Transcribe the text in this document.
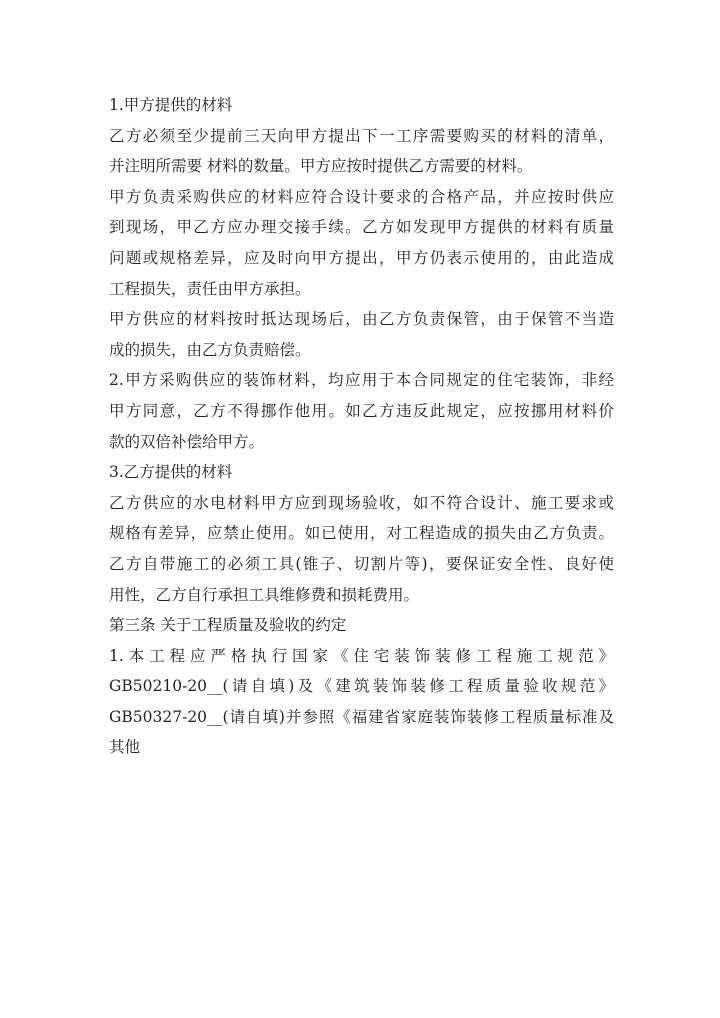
1.甲方提供的材料

乙方必须至少提前三天向甲方提出下一工序需要购买的材料的清单，

并注明所需要 材料的数量。甲方应按时提供乙方需要的材料。

甲方负责采购供应的材料应符合设计要求的合格产品，并应按时供应

到现场，甲乙方应办理交接手续。乙方如发现甲方提供的材料有质量

问题或规格差异，应及时向甲方提出，甲方仍表示使用的，由此造成

工程损失，责任由甲方承担。

甲方供应的材料按时抵达现场后，由乙方负责保管，由于保管不当造

成的损失，由乙方负责赔偿。

2.甲方采购供应的装饰材料，均应用于本合同规定的住宅装饰，非经

甲方同意，乙方不得挪作他用。如乙方违反此规定，应按挪用材料价

款的双倍补偿给甲方。

3.乙方提供的材料

乙方供应的水电材料甲方应到现场验收，如不符合设计、施工要求或

规格有差异，应禁止使用。如已使用，对工程造成的损失由乙方负责。

乙方自带施工的必须工具(锥子、切割片等)，要保证安全性、良好使

用性，乙方自行承担工具维修费和损耗费用。

第三条 关于工程质量及验收的约定

1.本工程应严格执行国家《住宅装饰装修工程施工规范》

GB50210-20__(请自填)及《建筑装饰装修工程质量验收规范》

GB50327-20__(请自填)并参照《福建省家庭装饰装修工程质量标准及

其他
